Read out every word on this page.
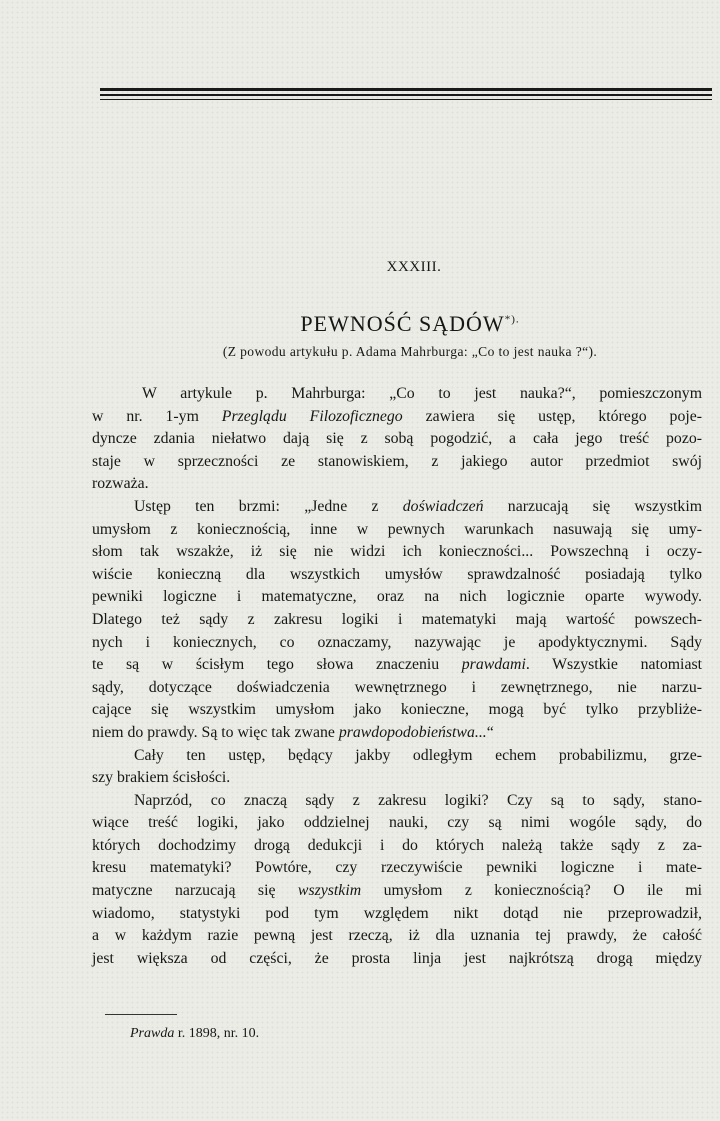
XXXIII.
PEWNOŚĆ SĄDÓW*).
(Z powodu artykułu p. Adama Mahrburga: „Co to jest nauka ?“).
W artykule p. Mahrburga: „Co to jest nauka?“, pomieszczonym
w nr. 1-ym Przeglądu Filozoficznego zawiera się ustęp, którego poje-
dyncze zdania niełatwo dają się z sobą pogodzić, a cała jego treść pozo-
staje w sprzeczności ze stanowiskiem, z jakiego autor przedmiot swój
rozważa.
Ustęp ten brzmi: „Jedne z doświadczeń narzucają się wszystkim
umysłom z koniecznością, inne w pewnych warunkach nasuwają się umy-
słom tak wszakże, iż się nie widzi ich konieczności... Powszechną i oczy-
wiście konieczną dla wszystkich umysłów sprawdzalność posiadają tylko
pewniki logiczne i matematyczne, oraz na nich logicznie oparte wywody.
Dlatego też sądy z zakresu logiki i matematyki mają wartość powszech-
nych i koniecznych, co oznaczamy, nazywając je apodyktycznymi. Sądy
te są w ścisłym tego słowa znaczeniu prawdami. Wszystkie natomiast
sądy, dotyczące doświadczenia wewnętrznego i zewnętrznego, nie narzu-
cające się wszystkim umysłom jako konieczne, mogą być tylko przybliże-
niem do prawdy. Są to więc tak zwane prawdopodobieństwa...“
Cały ten ustęp, będący jakby odległym echem probabilizmu, grze-
szy brakiem ścisłości.
Naprzód, co znaczą sądy z zakresu logiki? Czy są to sądy, stano-
wiące treść logiki, jako oddzielnej nauki, czy są nimi wogóle sądy, do
których dochodzimy drogą dedukcji i do których należą także sądy z za-
kresu matematyki? Powtóre, czy rzeczywiście pewniki logiczne i mate-
matyczne narzucają się wszystkim umysłom z koniecznością? O ile mi
wiadomo, statystyki pod tym względem nikt dotąd nie przeprowadził,
a w każdym razie pewną jest rzeczą, iż dla uznania tej prawdy, że całość
jest większa od części, że prosta linja jest najkrótszą drogą między
Prawda r. 1898, nr. 10.
